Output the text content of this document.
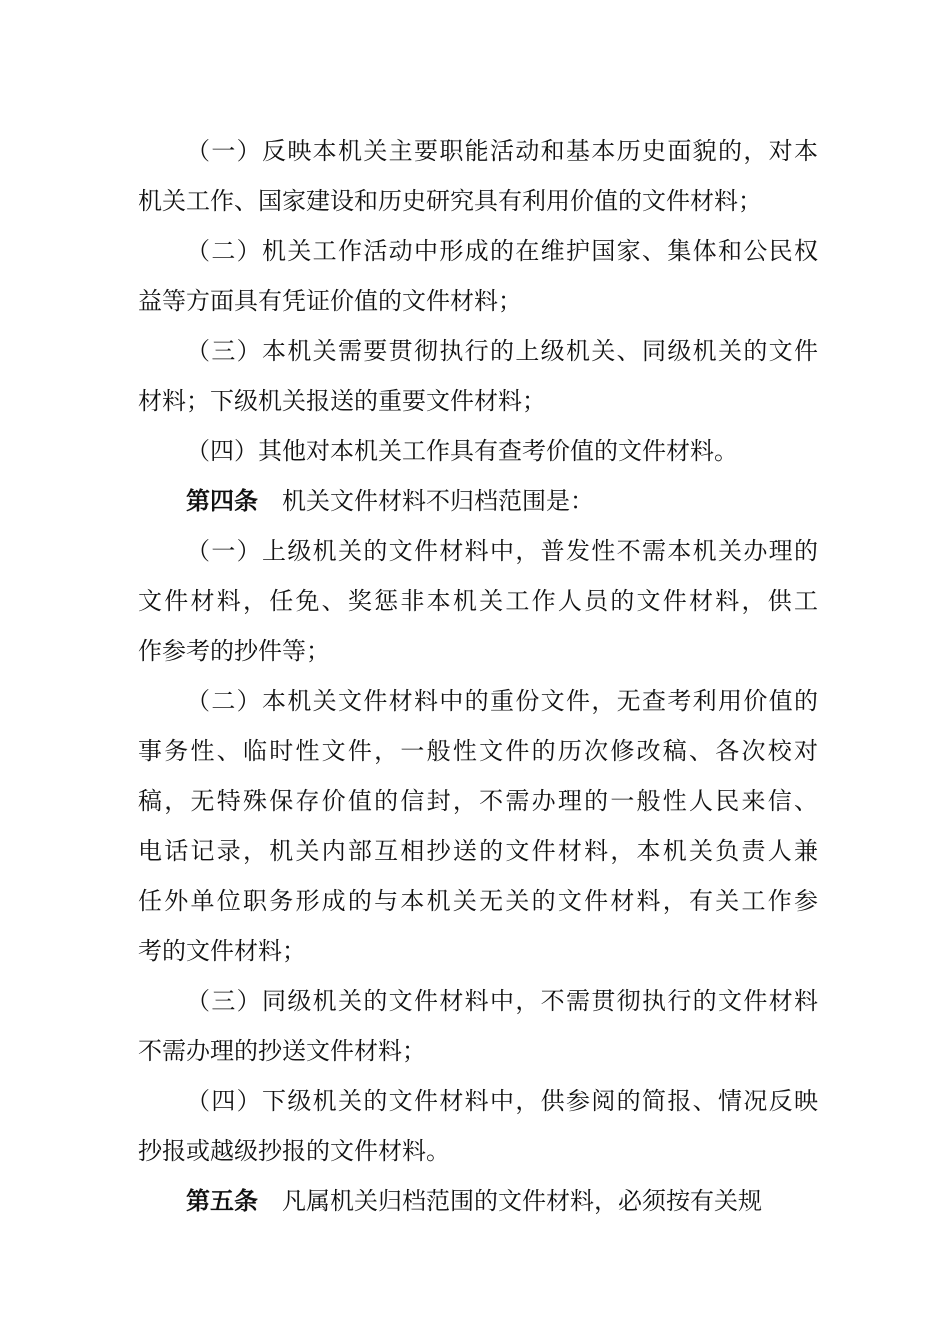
（一）反映本机关主要职能活动和基本历史面貌的，对本
机关工作、国家建设和历史研究具有利用价值的文件材料；
（二）机关工作活动中形成的在维护国家、集体和公民权
益等方面具有凭证价值的文件材料；
（三）本机关需要贯彻执行的上级机关、同级机关的文件
材料；下级机关报送的重要文件材料；
（四）其他对本机关工作具有查考价值的文件材料。
第四条 机关文件材料不归档范围是：
（一）上级机关的文件材料中，普发性不需本机关办理的
文件材料，任免、奖惩非本机关工作人员的文件材料，供工
作参考的抄件等；
（二）本机关文件材料中的重份文件，无查考利用价值的
事务性、临时性文件，一般性文件的历次修改稿、各次校对
稿，无特殊保存价值的信封，不需办理的一般性人民来信、
电话记录，机关内部互相抄送的文件材料，本机关负责人兼
任外单位职务形成的与本机关无关的文件材料，有关工作参
考的文件材料；
（三）同级机关的文件材料中，不需贯彻执行的文件材料
不需办理的抄送文件材料；
（四）下级机关的文件材料中，供参阅的简报、情况反映
抄报或越级抄报的文件材料。
第五条 凡属机关归档范围的文件材料，必须按有关规
